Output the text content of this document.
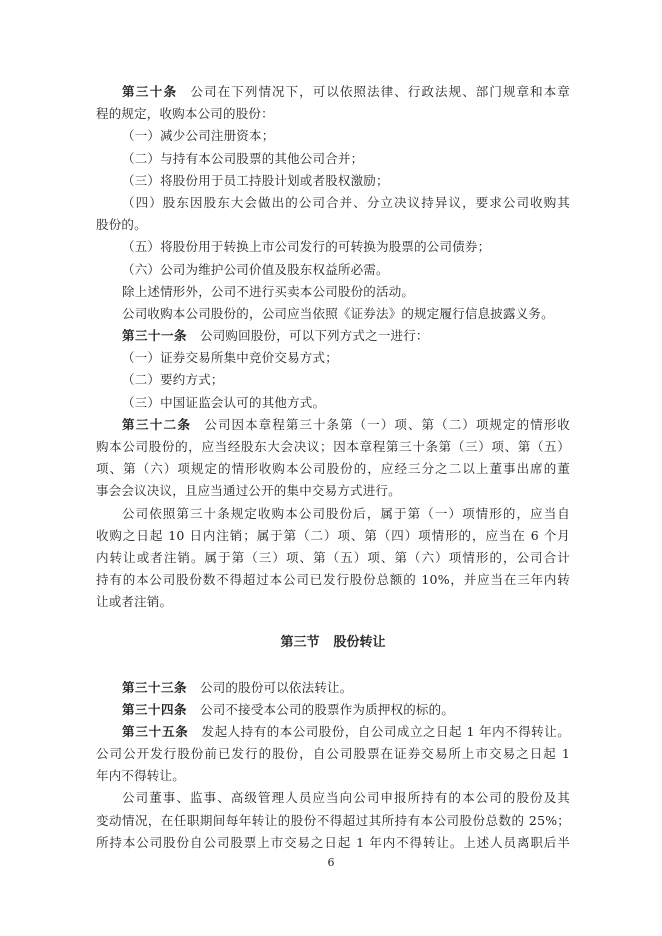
第三十条 公司在下列情况下，可以依照法律、行政法规、部门规章和本章
程的规定，收购本公司的股份：
（一）减少公司注册资本；
（二）与持有本公司股票的其他公司合并；
（三）将股份用于员工持股计划或者股权激励；
（四）股东因股东大会做出的公司合并、分立决议持异议，要求公司收购其
股份的。
（五）将股份用于转换上市公司发行的可转换为股票的公司债券；
（六）公司为维护公司价值及股东权益所必需。
除上述情形外，公司不进行买卖本公司股份的活动。
公司收购本公司股份的，公司应当依照《证券法》的规定履行信息披露义务。
第三十一条 公司购回股份，可以下列方式之一进行：
（一）证券交易所集中竞价交易方式；
（二）要约方式；
（三）中国证监会认可的其他方式。
第三十二条 公司因本章程第三十条第（一）项、第（二）项规定的情形收
购本公司股份的，应当经股东大会决议；因本章程第三十条第（三）项、第（五）
项、第（六）项规定的情形收购本公司股份的，应经三分之二以上董事出席的董
事会会议决议，且应当通过公开的集中交易方式进行。
公司依照第三十条规定收购本公司股份后，属于第（一）项情形的，应当自
收购之日起 10 日内注销；属于第（二）项、第（四）项情形的，应当在 6 个月
内转让或者注销。属于第（三）项、第（五）项、第（六）项情形的，公司合计
持有的本公司股份数不得超过本公司已发行股份总额的 10%，并应当在三年内转
让或者注销。
第三节 股份转让
第三十三条 公司的股份可以依法转让。
第三十四条 公司不接受本公司的股票作为质押权的标的。
第三十五条 发起人持有的本公司股份，自公司成立之日起 1 年内不得转让。
公司公开发行股份前已发行的股份，自公司股票在证券交易所上市交易之日起 1
年内不得转让。
公司董事、监事、高级管理人员应当向公司申报所持有的本公司的股份及其
变动情况，在任职期间每年转让的股份不得超过其所持有本公司股份总数的 25%；
所持本公司股份自公司股票上市交易之日起 1 年内不得转让。上述人员离职后半
6
